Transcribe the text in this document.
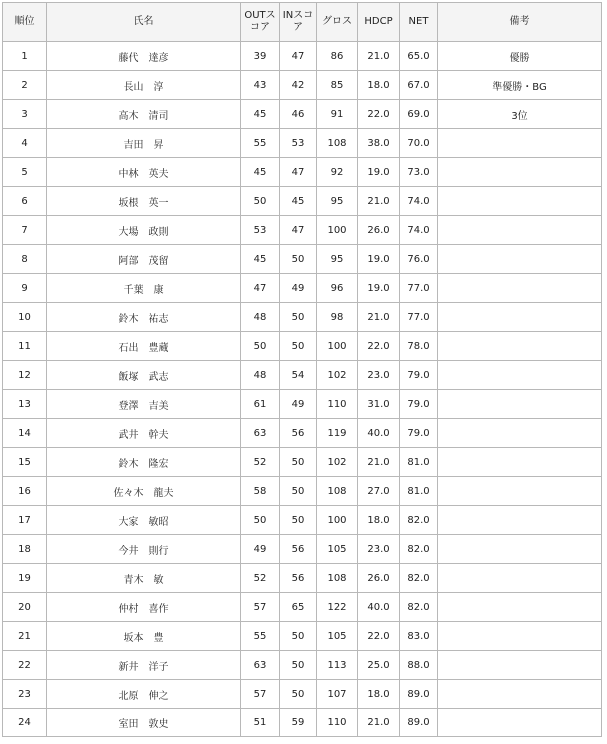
順位	氏名	OUTスコア	INスコア	グロス	HDCP	NET	備考
1	藤代　達彦	39	47	86	21.0	65.0	優勝
2	長山　淳	43	42	85	18.0	67.0	準優勝・BG
3	高木　清司	45	46	91	22.0	69.0	3位
4	吉田　昇	55	53	108	38.0	70.0	
5	中林　英夫	45	47	92	19.0	73.0	
6	坂根　英一	50	45	95	21.0	74.0	
7	大場　政則	53	47	100	26.0	74.0	
8	阿部　茂留	45	50	95	19.0	76.0	
9	千葉　康	47	49	96	19.0	77.0	
10	鈴木　祐志	48	50	98	21.0	77.0	
11	石出　豊蔵	50	50	100	22.0	78.0	
12	飯塚　武志	48	54	102	23.0	79.0	
13	登澤　吉美	61	49	110	31.0	79.0	
14	武井　幹夫	63	56	119	40.0	79.0	
15	鈴木　隆宏	52	50	102	21.0	81.0	
16	佐々木　龍夫	58	50	108	27.0	81.0	
17	大家　敏昭	50	50	100	18.0	82.0	
18	今井　則行	49	56	105	23.0	82.0	
19	青木　敏	52	56	108	26.0	82.0	
20	仲村　喜作	57	65	122	40.0	82.0	
21	坂本　豊	55	50	105	22.0	83.0	
22	新井　洋子	63	50	113	25.0	88.0	
23	北原　伸之	57	50	107	18.0	89.0	
24	室田　敦史	51	59	110	21.0	89.0	
